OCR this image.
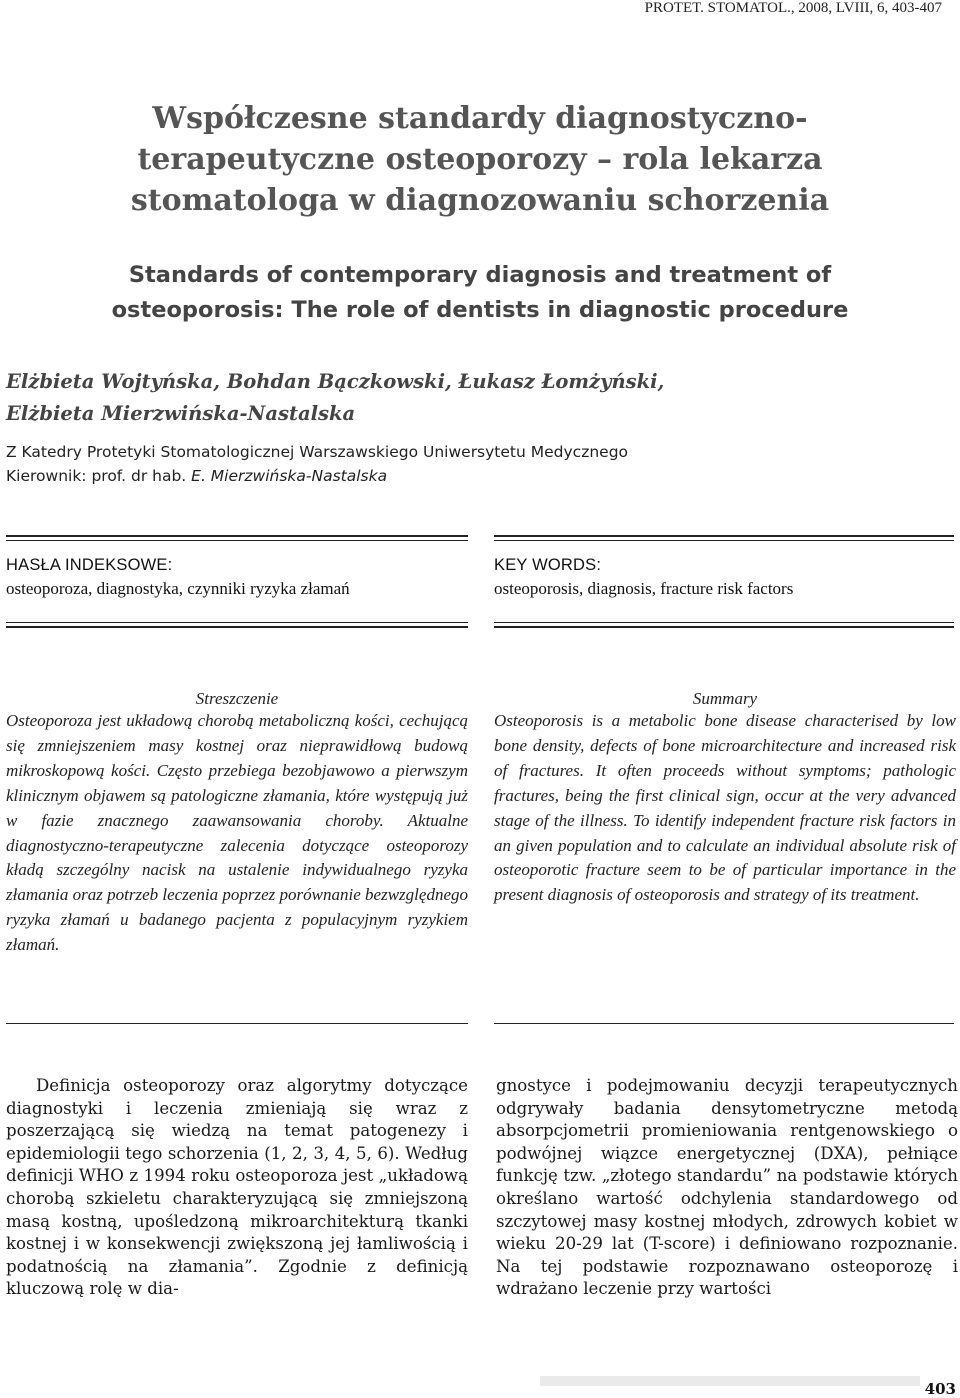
PROTET. STOMATOL., 2008, LVIII, 6, 403-407
Współczesne standardy diagnostyczno-terapeutyczne osteoporozy – rola lekarza stomatologa w diagnozowaniu schorzenia
Standards of contemporary diagnosis and treatment of osteoporosis: The role of dentists in diagnostic procedure
Elżbieta Wojtyńska, Bohdan Bączkowski, Łukasz Łomżyński,
Elżbieta Mierzwińska-Nastalska
Z Katedry Protetyki Stomatologicznej Warszawskiego Uniwersytetu Medycznego
Kierownik: prof. dr hab. E. Mierzwińska-Nastalska
HASŁA INDEKSOWE:
osteoporoza, diagnostyka, czynniki ryzyka złamań
KEY WORDS:
osteoporosis, diagnosis, fracture risk factors
Streszczenie
Osteoporoza jest układową chorobą metaboliczną kości, cechującą się zmniejszeniem masy kostnej oraz nieprawidłową budową mikroskopową kości. Często przebiega bezobjawowo a pierwszym klinicznym objawem są patologiczne złamania, które występują już w fazie znacznego zaawansowania choroby. Aktualne diagnostyczno-terapeutyczne zalecenia dotyczące osteoporozy kładą szczególny nacisk na ustalenie indywidualnego ryzyka złamania oraz potrzeb leczenia poprzez porównanie bezwzględnego ryzyka złamań u badanego pacjenta z populacyjnym ryzykiem złamań.
Summary
Osteoporosis is a metabolic bone disease characterised by low bone density, defects of bone microarchitecture and increased risk of fractures. It often proceeds without symptoms; pathologic fractures, being the first clinical sign, occur at the very advanced stage of the illness. To identify independent fracture risk factors in an given population and to calculate an individual absolute risk of osteoporotic fracture seem to be of particular importance in the present diagnosis of osteoporosis and strategy of its treatment.

Definicja osteoporozy oraz algorytmy dotyczące diagnostyki i leczenia zmieniają się wraz z poszerzającą się wiedzą na temat patogenezy i epidemiologii tego schorzenia (1, 2, 3, 4, 5, 6). Według definicji WHO z 1994 roku osteoporoza jest „układową chorobą szkieletu charakteryzującą się zmniejszoną masą kostną, upośledzoną mikroarchitekturą tkanki kostnej i w konsekwencji zwiększoną jej łamliwością i podatnością na złamania”. Zgodnie z definicją kluczową rolę w dia-

gnostyce i podejmowaniu decyzji terapeutycznych odgrywały badania densytometryczne metodą absorpcjometrii promieniowania rentgenowskiego o podwójnej wiązce energetycznej (DXA), pełniące funkcję tzw. „złotego standardu” na podstawie których określano wartość odchylenia standardowego od szczytowej masy kostnej młodych, zdrowych kobiet w wieku 20-29 lat (T-score) i definiowano rozpoznanie. Na tej podstawie rozpoznawano osteoporozę i wdrażano leczenie przy wartości

403
